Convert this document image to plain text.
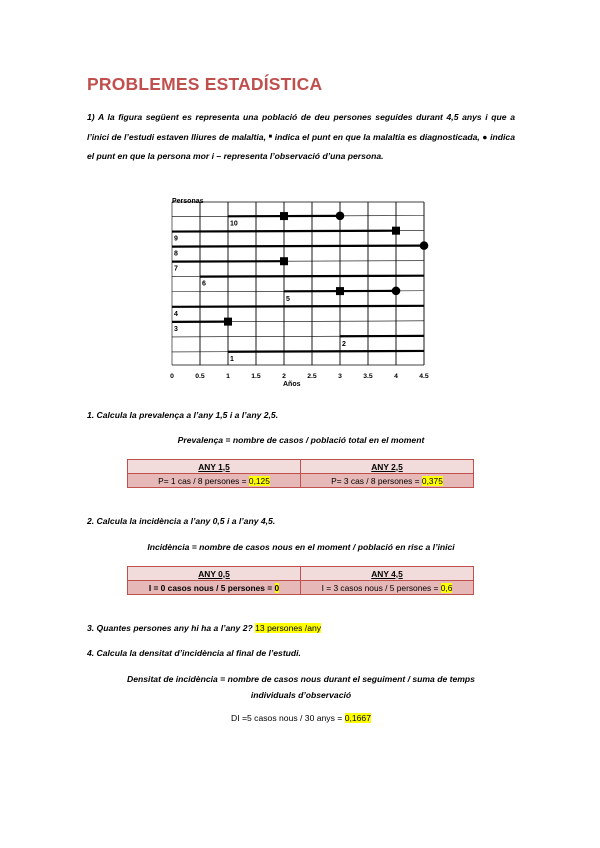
PROBLEMES ESTADÍSTICA
1) A la figura següent es representa una població de deu persones seguides durant 4,5 anys i que a l’inici de l’estudi estaven lliures de malaltia, ■ indica el punt en que la malaltia es diagnosticada, ● indica el punt en que la persona mor i – representa l’observació d’una persona.
1
2
3
4
5
6
7
8
9
10
0	0.5	1	1.5	2	2.5	3	3.5	4	4.5
Personas
Años
1. Calcula la prevalença a l’any 1,5 i a l’any 2,5.
Prevalença = nombre de casos / població total en el moment
ANY 1,5	ANY 2,5
P= 1 cas / 8 persones = 0,125	P= 3 cas / 8 persones = 0,375
2. Calcula la incidència a l’any 0,5 i a l’any 4,5.
Incidència = nombre de casos nous en el moment / població en risc a l’inici
ANY 0,5	ANY 4,5
I = 0 casos nous / 5 persones = 0	I = 3 casos nous / 5 persones = 0,6
3. Quantes persones any hi ha a l’any 2? 13 persones /any
4. Calcula la densitat d’incidència al final de l’estudi.
Densitat de incidència = nombre de casos nous durant el seguiment / suma de temps
individuals d’observació
DI =5 casos nous / 30 anys = 0,1667
